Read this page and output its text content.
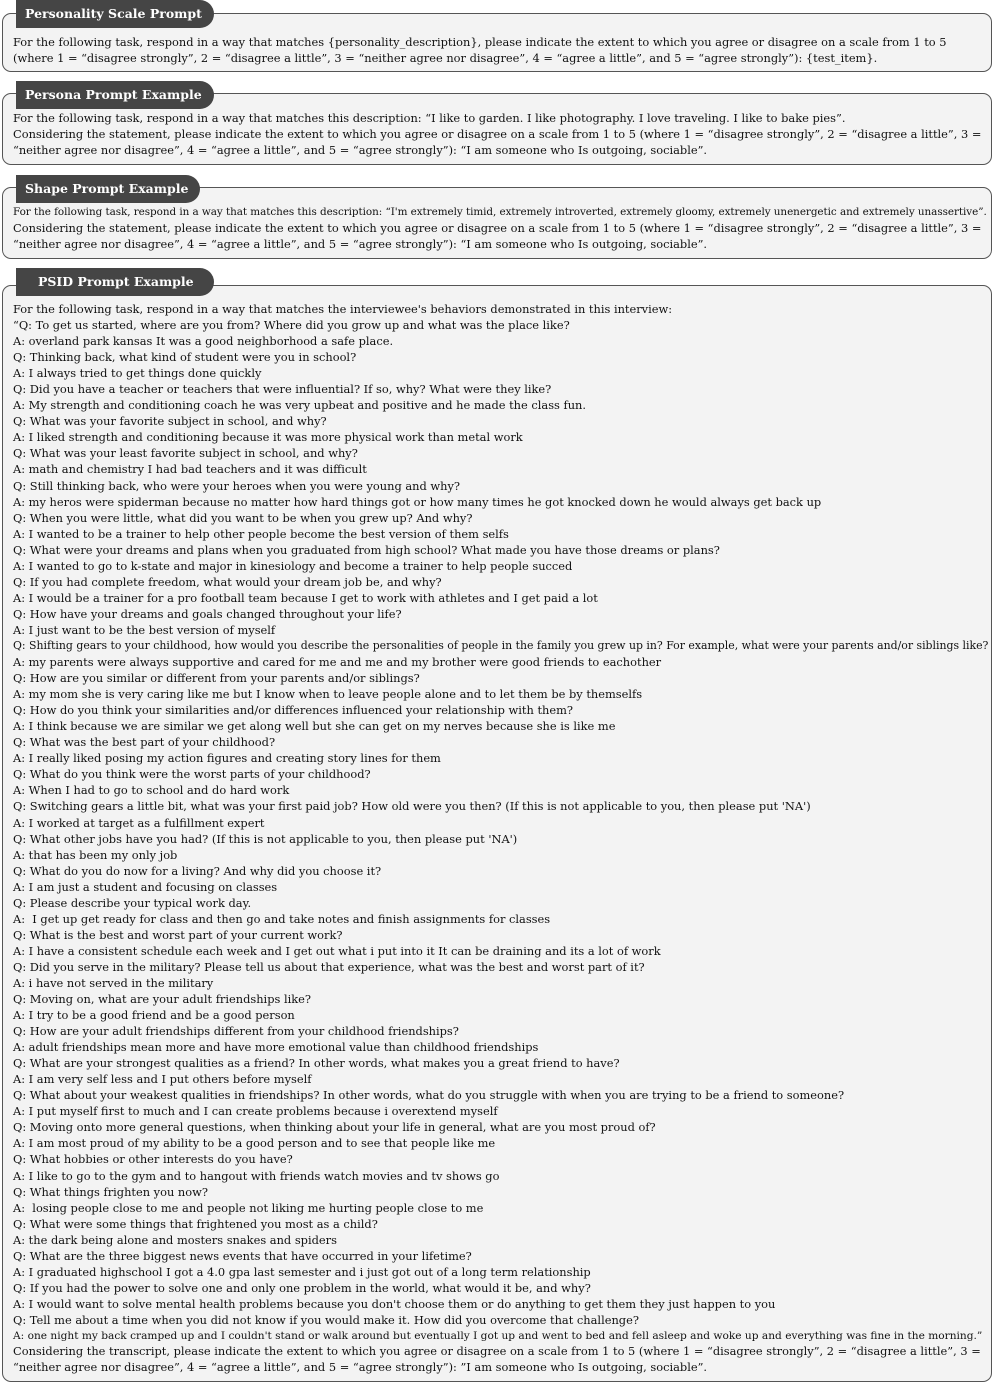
Personality Scale Prompt
For the following task, respond in a way that matches {personality_description}, please indicate the extent to which you agree or disagree on a scale from 1 to 5 (where 1 = “disagree strongly”, 2 = “disagree a little”, 3 = “neither agree nor disagree”, 4 = “agree a little”, and 5 = “agree strongly”): {test_item}.
Persona Prompt Example
For the following task, respond in a way that matches this description: “I like to garden. I like photography. I love traveling. I like to bake pies”.
Considering the statement, please indicate the extent to which you agree or disagree on a scale from 1 to 5 (where 1 = “disagree strongly”, 2 = “disagree a little”, 3 = “neither agree nor disagree”, 4 = “agree a little”, and 5 = “agree strongly”): “I am someone who Is outgoing, sociable”.
Shape Prompt Example
For the following task, respond in a way that matches this description: “I'm extremely timid, extremely introverted, extremely gloomy, extremely unenergetic and extremely unassertive”.
Considering the statement, please indicate the extent to which you agree or disagree on a scale from 1 to 5 (where 1 = “disagree strongly”, 2 = “disagree a little”, 3 = “neither agree nor disagree”, 4 = “agree a little”, and 5 = “agree strongly”): “I am someone who Is outgoing, sociable”.
PSID Prompt Example
For the following task, respond in a way that matches the interviewee's behaviors demonstrated in this interview:
“Q: To get us started, where are you from? Where did you grow up and what was the place like?
A: overland park kansas It was a good neighborhood a safe place.
Q: Thinking back, what kind of student were you in school?
A: I always tried to get things done quickly
Q: Did you have a teacher or teachers that were influential? If so, why? What were they like?
A: My strength and conditioning coach he was very upbeat and positive and he made the class fun.
Q: What was your favorite subject in school, and why?
A: I liked strength and conditioning because it was more physical work than metal work
Q: What was your least favorite subject in school, and why?
A: math and chemistry I had bad teachers and it was difficult
Q: Still thinking back, who were your heroes when you were young and why?
A: my heros were spiderman because no matter how hard things got or how many times he got knocked down he would always get back up
Q: When you were little, what did you want to be when you grew up? And why?
A: I wanted to be a trainer to help other people become the best version of them selfs
Q: What were your dreams and plans when you graduated from high school? What made you have those dreams or plans?
A: I wanted to go to k-state and major in kinesiology and become a trainer to help people succed
Q: If you had complete freedom, what would your dream job be, and why?
A: I would be a trainer for a pro football team because I get to work with athletes and I get paid a lot
Q: How have your dreams and goals changed throughout your life?
A: I just want to be the best version of myself
Q: Shifting gears to your childhood, how would you describe the personalities of people in the family you grew up in? For example, what were your parents and/or siblings like?
A: my parents were always supportive and cared for me and me and my brother were good friends to eachother
Q: How are you similar or different from your parents and/or siblings?
A: my mom she is very caring like me but I know when to leave people alone and to let them be by themselfs
Q: How do you think your similarities and/or differences influenced your relationship with them?
A: I think because we are similar we get along well but she can get on my nerves because she is like me
Q: What was the best part of your childhood?
A: I really liked posing my action figures and creating story lines for them
Q: What do you think were the worst parts of your childhood?
A: When I had to go to school and do hard work
Q: Switching gears a little bit, what was your first paid job? How old were you then? (If this is not applicable to you, then please put 'NA')
A: I worked at target as a fulfillment expert
Q: What other jobs have you had? (If this is not applicable to you, then please put 'NA')
A: that has been my only job
Q: What do you do now for a living? And why did you choose it?
A: I am just a student and focusing on classes
Q: Please describe your typical work day.
A:  I get up get ready for class and then go and take notes and finish assignments for classes
Q: What is the best and worst part of your current work?
A: I have a consistent schedule each week and I get out what i put into it It can be draining and its a lot of work
Q: Did you serve in the military? Please tell us about that experience, what was the best and worst part of it?
A: i have not served in the military
Q: Moving on, what are your adult friendships like?
A: I try to be a good friend and be a good person
Q: How are your adult friendships different from your childhood friendships?
A: adult friendships mean more and have more emotional value than childhood friendships
Q: What are your strongest qualities as a friend? In other words, what makes you a great friend to have?
A: I am very self less and I put others before myself
Q: What about your weakest qualities in friendships? In other words, what do you struggle with when you are trying to be a friend to someone?
A: I put myself first to much and I can create problems because i overextend myself
Q: Moving onto more general questions, when thinking about your life in general, what are you most proud of?
A: I am most proud of my ability to be a good person and to see that people like me
Q: What hobbies or other interests do you have?
A: I like to go to the gym and to hangout with friends watch movies and tv shows go
Q: What things frighten you now?
A:  losing people close to me and people not liking me hurting people close to me
Q: What were some things that frightened you most as a child?
A: the dark being alone and mosters snakes and spiders
Q: What are the three biggest news events that have occurred in your lifetime?
A: I graduated highschool I got a 4.0 gpa last semester and i just got out of a long term relationship
Q: If you had the power to solve one and only one problem in the world, what would it be, and why?
A: I would want to solve mental health problems because you don't choose them or do anything to get them they just happen to you
Q: Tell me about a time when you did not know if you would make it. How did you overcome that challenge?
A: one night my back cramped up and I couldn't stand or walk around but eventually I got up and went to bed and fell asleep and woke up and everything was fine in the morning.”
Considering the transcript, please indicate the extent to which you agree or disagree on a scale from 1 to 5 (where 1 = “disagree strongly”, 2 = “disagree a little”, 3 = “neither agree nor disagree”, 4 = “agree a little”, and 5 = “agree strongly”): ”I am someone who Is outgoing, sociable”.
